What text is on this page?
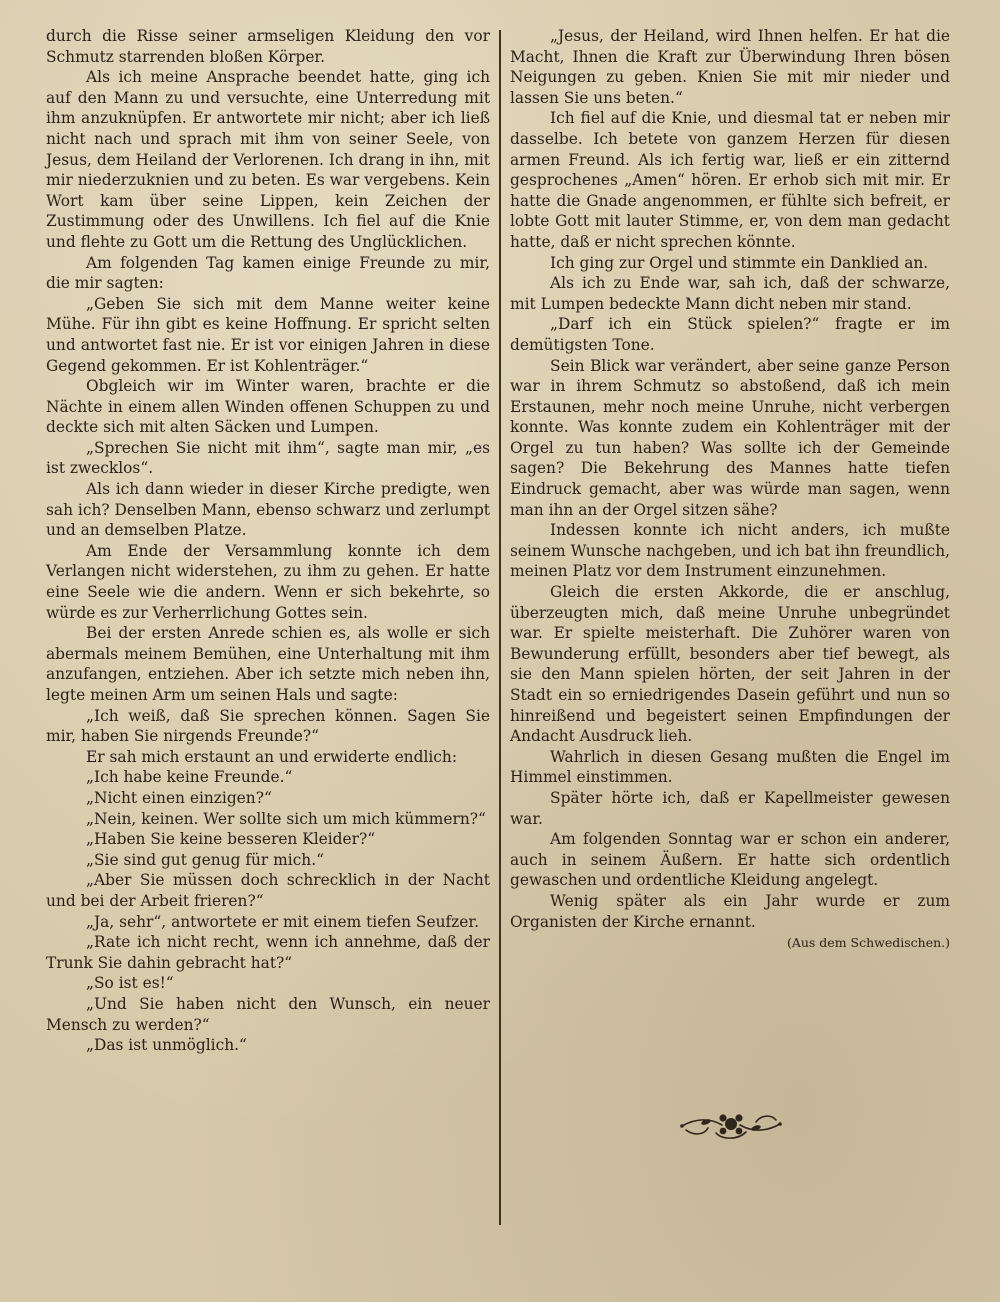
durch die Risse seiner armseligen Kleidung den vor Schmutz starrenden bloßen Körper.

Als ich meine Ansprache beendet hatte, ging ich auf den Mann zu und versuchte, eine Unterredung mit ihm anzuknüpfen. Er antwortete mir nicht; aber ich ließ nicht nach und sprach mit ihm von seiner Seele, von Jesus, dem Heiland der Verlorenen. Ich drang in ihn, mit mir niederzuknien und zu beten. Es war vergebens. Kein Wort kam über seine Lippen, kein Zeichen der Zustimmung oder des Unwillens. Ich fiel auf die Knie und flehte zu Gott um die Rettung des Unglücklichen.

Am folgenden Tag kamen einige Freunde zu mir, die mir sagten:

„Geben Sie sich mit dem Manne weiter keine Mühe. Für ihn gibt es keine Hoffnung. Er spricht selten und antwortet fast nie. Er ist vor einigen Jahren in diese Gegend gekommen. Er ist Kohlenträger.“

Obgleich wir im Winter waren, brachte er die Nächte in einem allen Winden offenen Schuppen zu und deckte sich mit alten Säcken und Lumpen.

„Sprechen Sie nicht mit ihm“, sagte man mir, „es ist zwecklos“.

Als ich dann wieder in dieser Kirche predigte, wen sah ich? Denselben Mann, ebenso schwarz und zerlumpt und an demselben Platze.

Am Ende der Versammlung konnte ich dem Verlangen nicht widerstehen, zu ihm zu gehen. Er hatte eine Seele wie die andern. Wenn er sich bekehrte, so würde es zur Verherrlichung Gottes sein.

Bei der ersten Anrede schien es, als wolle er sich abermals meinem Bemühen, eine Unterhaltung mit ihm anzufangen, entziehen. Aber ich setzte mich neben ihn, legte meinen Arm um seinen Hals und sagte:

„Ich weiß, daß Sie sprechen können. Sagen Sie mir, haben Sie nirgends Freunde?“

Er sah mich erstaunt an und erwiderte endlich:

„Ich habe keine Freunde.“

„Nicht einen einzigen?“

„Nein, keinen. Wer sollte sich um mich kümmern?“

„Haben Sie keine besseren Kleider?“

„Sie sind gut genug für mich.“

„Aber Sie müssen doch schrecklich in der Nacht und bei der Arbeit frieren?“

„Ja, sehr“, antwortete er mit einem tiefen Seufzer.

„Rate ich nicht recht, wenn ich annehme, daß der Trunk Sie dahin gebracht hat?“

„So ist es!“

„Und Sie haben nicht den Wunsch, ein neuer Mensch zu werden?“

„Das ist unmöglich.“

„Jesus, der Heiland, wird Ihnen helfen. Er hat die Macht, Ihnen die Kraft zur Überwindung Ihren bösen Neigungen zu geben. Knien Sie mit mir nieder und lassen Sie uns beten.“

Ich fiel auf die Knie, und diesmal tat er neben mir dasselbe. Ich betete von ganzem Herzen für diesen armen Freund. Als ich fertig war, ließ er ein zitternd gesprochenes „Amen“ hören. Er erhob sich mit mir. Er hatte die Gnade angenommen, er fühlte sich befreit, er lobte Gott mit lauter Stimme, er, von dem man gedacht hatte, daß er nicht sprechen könnte.

Ich ging zur Orgel und stimmte ein Danklied an.

Als ich zu Ende war, sah ich, daß der schwarze, mit Lumpen bedeckte Mann dicht neben mir stand.

„Darf ich ein Stück spielen?“ fragte er im demütigsten Tone.

Sein Blick war verändert, aber seine ganze Person war in ihrem Schmutz so abstoßend, daß ich mein Erstaunen, mehr noch meine Unruhe, nicht verbergen konnte. Was konnte zudem ein Kohlenträger mit der Orgel zu tun haben? Was sollte ich der Gemeinde sagen? Die Bekehrung des Mannes hatte tiefen Eindruck gemacht, aber was würde man sagen, wenn man ihn an der Orgel sitzen sähe?

Indessen konnte ich nicht anders, ich mußte seinem Wunsche nachgeben, und ich bat ihn freundlich, meinen Platz vor dem Instrument einzunehmen.

Gleich die ersten Akkorde, die er anschlug, überzeugten mich, daß meine Unruhe unbegründet war. Er spielte meisterhaft. Die Zuhörer waren von Bewunderung erfüllt, besonders aber tief bewegt, als sie den Mann spielen hörten, der seit Jahren in der Stadt ein so erniedrigendes Dasein geführt und nun so hinreißend und begeistert seinen Empfindungen der Andacht Ausdruck lieh.

Wahrlich in diesen Gesang mußten die Engel im Himmel einstimmen.

Später hörte ich, daß er Kapellmeister gewesen war.

Am folgenden Sonntag war er schon ein anderer, auch in seinem Äußern. Er hatte sich ordentlich gewaschen und ordentliche Kleidung angelegt.

Wenig später als ein Jahr wurde er zum Organisten der Kirche ernannt.

(Aus dem Schwedischen.)
